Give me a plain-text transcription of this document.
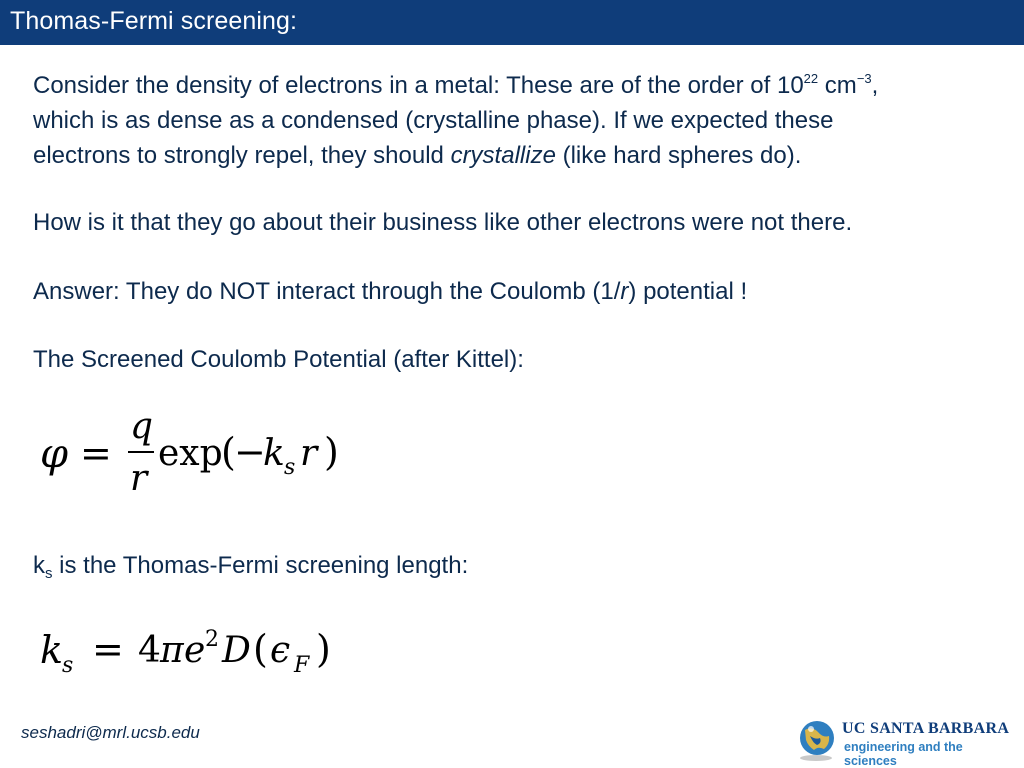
Thomas-Fermi screening:
Consider the density of electrons in a metal: These are of the order of $10^{22}$ $cm^{-3}$,
which is as dense as a condensed (crystalline phase). If we expected these
electrons to strongly repel, they should crystallize (like hard spheres do).
How is it that they go about their business like other electrons were not there.
Answer: They do NOT interact through the Coulomb (1/r) potential !
The Screened Coulomb Potential (after Kittel):
φ =
q
r
exp
(
−
k s r )
$k_s$ is the Thomas-Fermi screening length:
k
s = 4 π e 2 D ( ϵ F )
seshadri@mrl.ucsb.edu	UC SANTA BARBARA
engineering and the sciences
